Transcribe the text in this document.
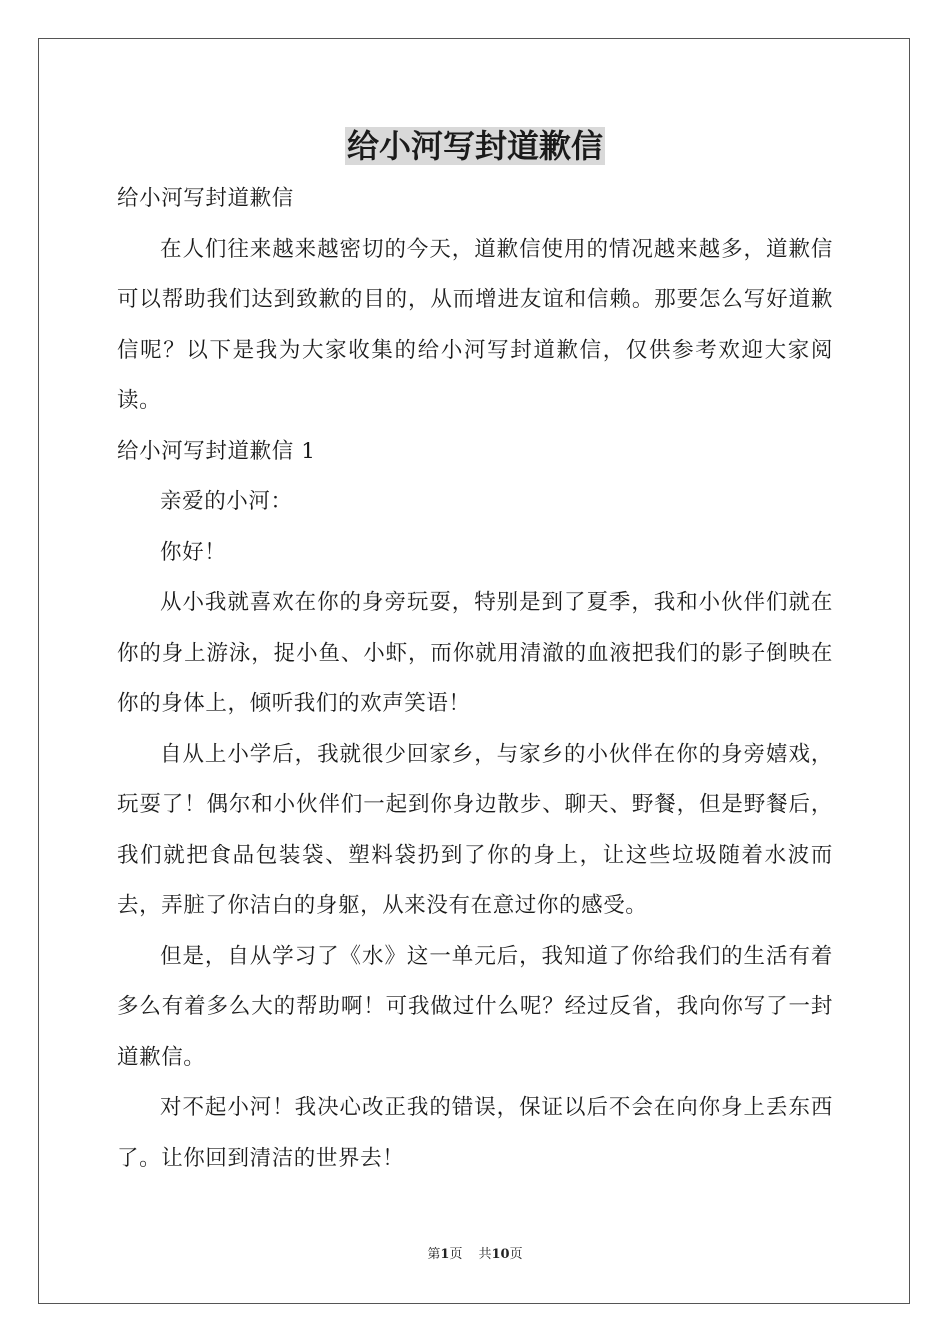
给小河写封道歉信

给小河写封道歉信

在人们往来越来越密切的今天，道歉信使用的情况越来越多，道歉信可以帮助我们达到致歉的目的，从而增进友谊和信赖。那要怎么写好道歉信呢？以下是我为大家收集的给小河写封道歉信，仅供参考欢迎大家阅读。

给小河写封道歉信 1

亲爱的小河：

你好！

从小我就喜欢在你的身旁玩耍，特别是到了夏季，我和小伙伴们就在你的身上游泳，捉小鱼、小虾，而你就用清澈的血液把我们的影子倒映在你的身体上，倾听我们的欢声笑语！

自从上小学后，我就很少回家乡，与家乡的小伙伴在你的身旁嬉戏，玩耍了！偶尔和小伙伴们一起到你身边散步、聊天、野餐，但是野餐后，我们就把食品包装袋、塑料袋扔到了你的身上，让这些垃圾随着水波而去，弄脏了你洁白的身躯，从来没有在意过你的感受。

但是，自从学习了《水》这一单元后，我知道了你给我们的生活有着多么有着多么大的帮助啊！可我做过什么呢？经过反省，我向你写了一封道歉信。

对不起小河！我决心改正我的错误，保证以后不会在向你身上丢东西了。让你回到清洁的世界去！

第1页 共10页
